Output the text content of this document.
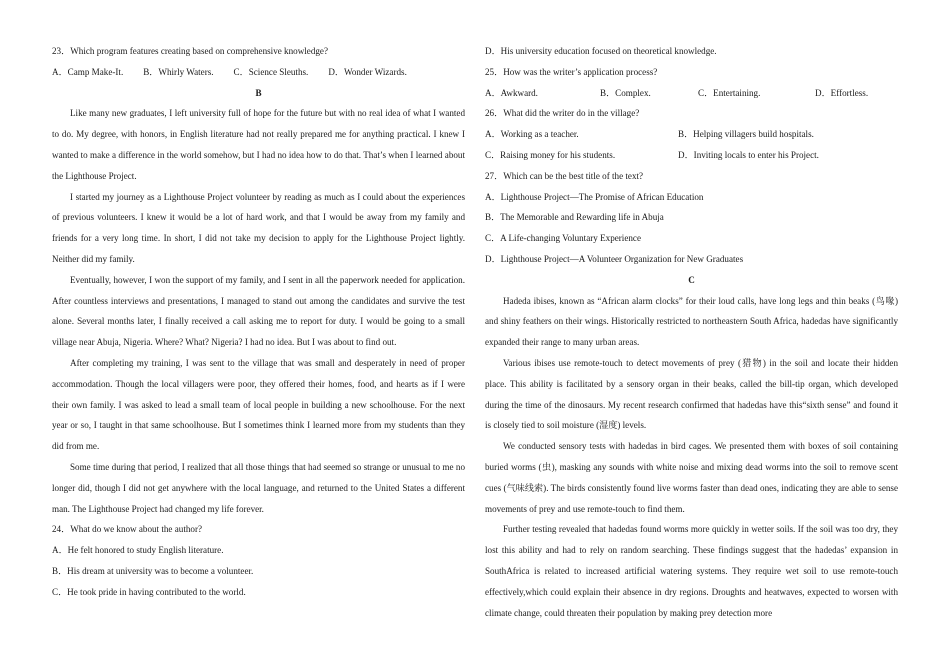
23．Which program features creating based on comprehensive knowledge?
A．Camp Make-It. B．Whirly Waters. C．Science Sleuths. D．Wonder Wizards.
B
Like many new graduates, I left university full of hope for the future but with no real idea of what I wanted to do. My degree, with honors, in English literature had not really prepared me for anything practical. I knew I wanted to make a difference in the world somehow, but I had no idea how to do that. That’s when I learned about the Lighthouse Project.
I started my journey as a Lighthouse Project volunteer by reading as much as I could about the experiences of previous volunteers. I knew it would be a lot of hard work, and that I would be away from my family and friends for a very long time. In short, I did not take my decision to apply for the Lighthouse Project lightly. Neither did my family.
Eventually, however, I won the support of my family, and I sent in all the paperwork needed for application. After countless interviews and presentations, I managed to stand out among the candidates and survive the test alone. Several months later, I finally received a call asking me to report for duty. I would be going to a small village near Abuja, Nigeria. Where? What? Nigeria? I had no idea. But I was about to find out.
After completing my training, I was sent to the village that was small and desperately in need of proper accommodation. Though the local villagers were poor, they offered their homes, food, and hearts as if I were their own family. I was asked to lead a small team of local people in building a new schoolhouse. For the next year or so, I taught in that same schoolhouse. But I sometimes think I learned more from my students than they did from me.
Some time during that period, I realized that all those things that had seemed so strange or unusual to me no longer did, though I did not get anywhere with the local language, and returned to the United States a different man. The Lighthouse Project had changed my life forever.
24．What do we know about the author?
A．He felt honored to study English literature.
B．His dream at university was to become a volunteer.
C．He took pride in having contributed to the world.
D．His university education focused on theoretical knowledge.
25．How was the writer’s application process?
A．Awkward.	B．Complex.	C．Entertaining.	D．Effortless.
26．What did the writer do in the village?
A．Working as a teacher.	B．Helping villagers build hospitals.
C．Raising money for his students.	D．Inviting locals to enter his Project.
27．Which can be the best title of the text?
A．Lighthouse Project—The Promise of African Education
B．The Memorable and Rewarding life in Abuja
C．A Life-changing Voluntary Experience
D．Lighthouse Project—A Volunteer Organization for New Graduates
C
Hadeda ibises, known as “African alarm clocks” for their loud calls, have long legs and thin beaks (鸟喙) and shiny feathers on their wings. Historically restricted to northeastern South Africa, hadedas have significantly expanded their range to many urban areas.
Various ibises use remote-touch to detect movements of prey (猎物) in the soil and locate their hidden place. This ability is facilitated by a sensory organ in their beaks, called the bill-tip organ, which developed during the time of the dinosaurs. My recent research confirmed that hadedas have this“sixth sense” and found it is closely tied to soil moisture (湿度) levels.
We conducted sensory tests with hadedas in bird cages. We presented them with boxes of soil containing buried worms (虫), masking any sounds with white noise and mixing dead worms into the soil to remove scent cues (气味线索). The birds consistently found live worms faster than dead ones, indicating they are able to sense movements of prey and use remote-touch to find them.
Further testing revealed that hadedas found worms more quickly in wetter soils. If the soil was too dry, they lost this ability and had to rely on random searching. These findings suggest that the hadedas’ expansion in SouthAfrica is related to increased artificial watering systems. They require wet soil to use remote-touch effectively,which could explain their absence in dry regions. Droughts and heatwaves, expected to worsen with climate change, could threaten their population by making prey detection more
